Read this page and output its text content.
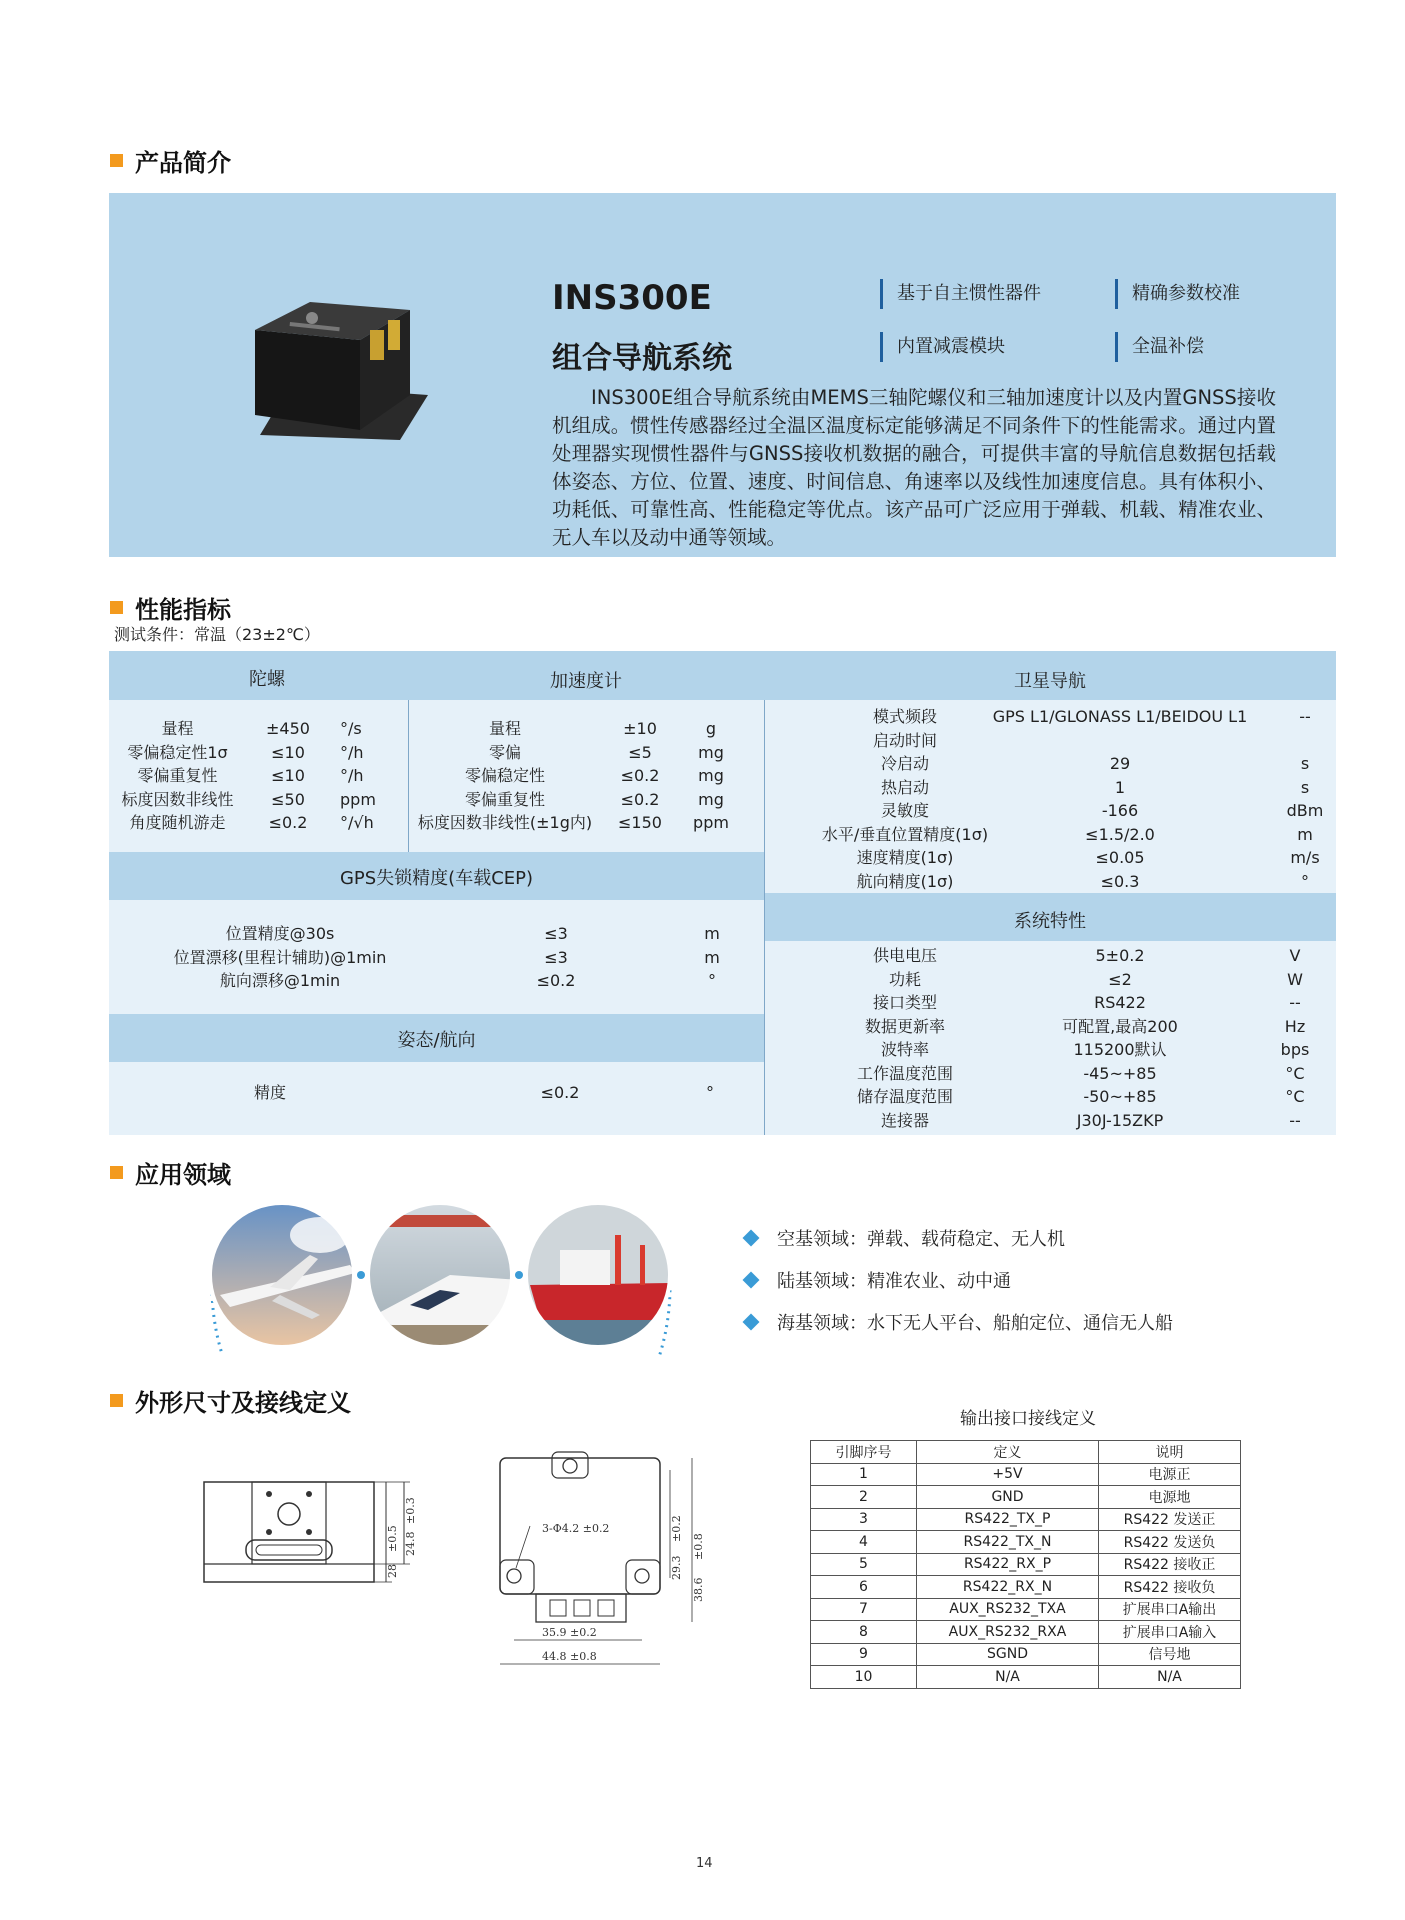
产品简介
INS300E
组合导航系统
基于自主惯性器件	精确参数校准
内置减震模块	全温补偿
INS300E组合导航系统由MEMS三轴陀螺仪和三轴加速度计以及内置GNSS接收机组成。惯性传感器经过全温区温度标定能够满足不同条件下的性能需求。通过内置处理器实现惯性器件与GNSS接收机数据的融合，可提供丰富的导航信息数据包括载体姿态、方位、位置、速度、时间信息、角速率以及线性加速度信息。具有体积小、功耗低、可靠性高、性能稳定等优点。该产品可广泛应用于弹载、机载、精准农业、无人车以及动中通等领域。
性能指标
测试条件：常温（23±2℃）
陀螺	加速度计	卫星导航
GPS失锁精度(车载CEP)
姿态/航向
系统特性
量程	±450	°/s
零偏稳定性1σ	≤10	°/h
零偏重复性	≤10	°/h
标度因数非线性	≤50	ppm
角度随机游走	≤0.2	°/√h
量程	±10	g
零偏	≤5	mg
零偏稳定性	≤0.2	mg
零偏重复性	≤0.2	mg
标度因数非线性(±1g内)	≤150	ppm
位置精度@30s	≤3	m
位置漂移(里程计辅助)@1min	≤3	m
航向漂移@1min	≤0.2	°
精度	≤0.2	°
模式频段	GPS L1/GLONASS L1/BEIDOU L1	--
启动时间
冷启动	29	s
热启动	1	s
灵敏度	-166	dBm
水平/垂直位置精度(1σ)	≤1.5/2.0	m
速度精度(1σ)	≤0.05	m/s
航向精度(1σ)	≤0.3	°
供电电压	5±0.2	V
功耗	≤2	W
接口类型	RS422	--
数据更新率	可配置,最高200	Hz
波特率	115200默认	bps
工作温度范围	-45~+85	°C
储存温度范围	-50~+85	°C
连接器	J30J-15ZKP	--
应用领域
空基领域：弹载、载荷稳定、无人机
陆基领域：精准农业、动中通
海基领域：水下无人平台、船舶定位、通信无人船
外形尺寸及接线定义
28
±0.5 24.8
±0.3
3-Φ4.2 ±0.2
29.3
±0.2
38.6
±0.8
35.9 ±0.2
44.8 ±0.8
输出接口接线定义
引脚序号	定义	说明
1	+5V	电源正
2	GND	电源地
3	RS422_TX_P	RS422 发送正
4	RS422_TX_N	RS422 发送负
5	RS422_RX_P	RS422 接收正
6	RS422_RX_N	RS422 接收负
7	AUX_RS232_TXA	扩展串口A输出
8	AUX_RS232_RXA	扩展串口A输入
9	SGND	信号地
10	N/A	N/A
14
